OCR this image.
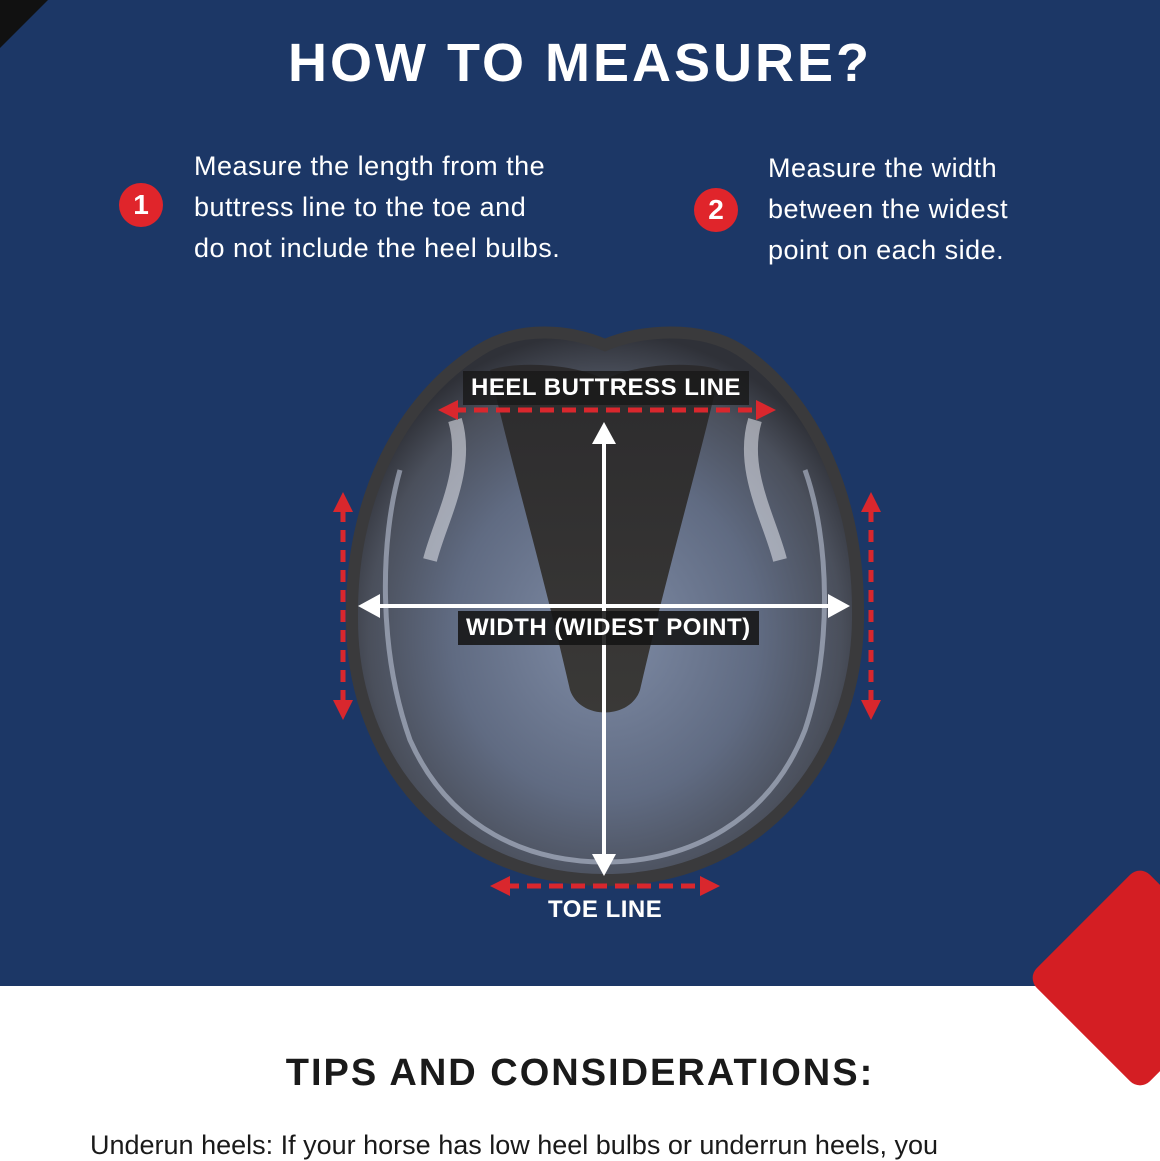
HOW TO MEASURE?
1
Measure the length from the
buttress line to the toe and
do not include the heel bulbs.
2
Measure the width
between the widest
point on each side.
HEEL BUTTRESS LINE
WIDTH (WIDEST POINT)
TOE LINE
TIPS AND CONSIDERATIONS:
Underun heels: If your horse has low heel bulbs or underrun heels, you
